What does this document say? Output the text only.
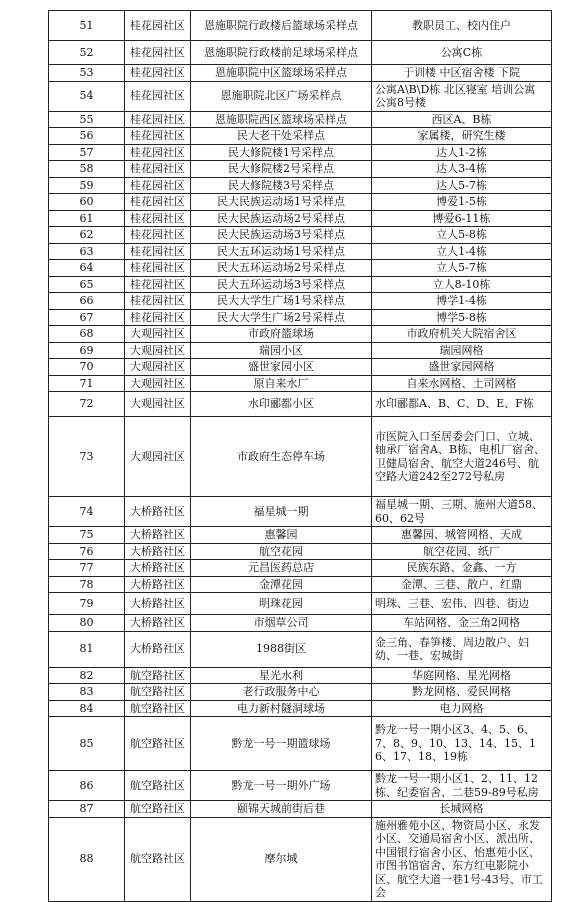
51	桂花园社区	恩施职院行政楼后篮球场采样点	教职员工、校内住户
52	桂花园社区	恩施职院行政楼前足球场采样点	公寓C栋
53	桂花园社区	恩施职院中区篮球场采样点	于训楼 中区宿舍楼 下院
54	桂花园社区	恩施职院北区广场采样点	公寓A\B\D栋 北区寝室 培训公寓 公寓8号楼
55	桂花园社区	恩施职院西区篮球场采样点	西区A、B栋
56	桂花园社区	民大老干处采样点	家属楼，研究生楼
57	桂花园社区	民大修院楼1号采样点	达人1-2栋
58	桂花园社区	民大修院楼2号采样点	达人3-4栋
59	桂花园社区	民大修院楼3号采样点	达人5-7栋
60	桂花园社区	民大民族运动场1号采样点	博爱1-5栋
61	桂花园社区	民大民族运动场2号采样点	博爱6-11栋
62	桂花园社区	民大民族运动场3号采样点	立人5-8栋
63	桂花园社区	民大五环运动场1号采样点	立人1-4栋
64	桂花园社区	民大五环运动场2号采样点	立人5-7栋
65	桂花园社区	民大五环运动场3号采样点	立人8-10栋
66	桂花园社区	民大大学生广场1号采样点	博学1-4栋
67	桂花园社区	民大大学生广场2号采样点	博学5-8栋
68	大观园社区	市政府篮球场	市政府机关大院宿舍区
69	大观园社区	瑞园小区	瑞园网格
70	大观园社区	盛世家园小区	盛世家园网格
71	大观园社区	原自来水厂	自来水网格、土司网格
72	大观园社区	水印郦都小区	水印郦都A、B、C、D、E、F栋
73	大观园社区	市政府生态停车场	市医院入口至居委会门口、立城、轴承厂宿舍A、B栋、电机厂宿舍、卫健局宿舍、航空大道246号、航空路大道242至272号私房
74	大桥路社区	福星城一期	福星城一期、三期、施州大道58、60、62号
75	大桥路社区	惠馨园	惠馨园、城管网格、天成
76	大桥路社区	航空花园	航空花园、纸厂
77	大桥路社区	元昌医药总店	民族东路、金鑫、一方
78	大桥路社区	金潭花园	金潭、三巷、散户、红鼎
79	大桥路社区	明珠花园	明珠、三巷、宏伟、四巷、街边
80	大桥路社区	市烟草公司	车站网格、金三角2网格
81	大桥路社区	1988街区	金三角、春笋楼、周边散户、妇幼、一巷、宏城街
82	航空路社区	星光水利	华庭网格、星光网格
83	航空路社区	老行政服务中心	黔龙网格、爱民网格
84	航空路社区	电力新村隧洞球场	电力网格
85	航空路社区	黔龙一号一期篮球场	黔龙一号一期小区3、4、5、6、7、8、9、10、13、14、15、16、17、18、19栋
86	航空路社区	黔龙一号一期外广场	黔龙一号一期小区1、2、11、12栋、纪委宿舍、二巷59-89号私房
87	航空路社区	颐锦天城前街后巷	长城网格
88	航空路社区	摩尔城	施州雅苑小区、物资局小区、永发小区、交通局宿舍小区、派出所、中国银行宿舍小区、怡惠苑小区、市图书馆宿舍、东方红电影院小区、航空大道一巷1号-43号、市工会
